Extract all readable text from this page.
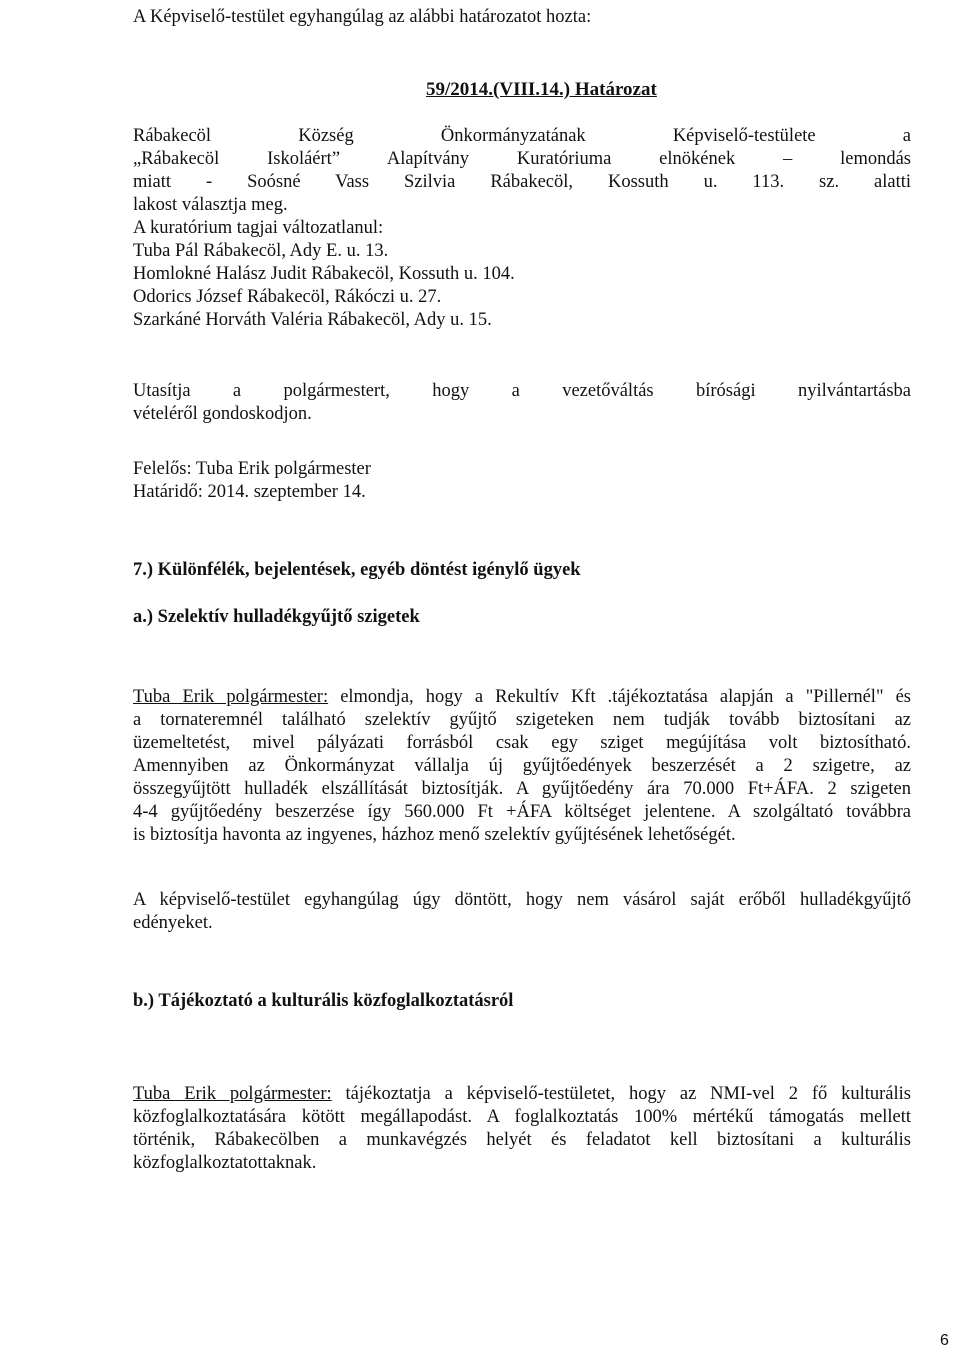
A Képviselő-testület egyhangúlag az alábbi határozatot hozta:
59/2014.(VIII.14.) Határozat
Rábakecöl Község Önkormányzatának Képviselő-testülete a
„Rábakecöl Iskoláért” Alapítvány Kuratóriuma elnökének – lemondás
miatt - Soósné Vass Szilvia Rábakecöl, Kossuth u. 113. sz. alatti
lakost választja meg.
A kuratórium tagjai változatlanul:
Tuba Pál Rábakecöl, Ady E. u. 13.
Homlokné Halász Judit Rábakecöl, Kossuth u. 104.
Odorics József Rábakecöl, Rákóczi u. 27.
Szarkáné Horváth Valéria Rábakecöl, Ady u. 15.
Utasítja a polgármestert, hogy a vezetőváltás bírósági nyilvántartásba
vételéről gondoskodjon.
Felelős: Tuba Erik polgármester
Határidő: 2014. szeptember 14.
7.) Különfélék, bejelentések, egyéb döntést igénylő ügyek
a.) Szelektív hulladékgyűjtő szigetek
Tuba Erik polgármester: elmondja, hogy a Rekultív Kft .tájékoztatása alapján a "Pillernél" és
a tornateremnél található szelektív gyűjtő szigeteken nem tudják tovább biztosítani az
üzemeltetést, mivel pályázati forrásból csak egy sziget megújítása volt biztosítható.
Amennyiben az Önkormányzat vállalja új gyűjtőedények beszerzését a 2 szigetre, az
összegyűjtött hulladék elszállítását biztosítják. A gyűjtőedény ára 70.000 Ft+ÁFA. 2 szigeten
4-4 gyűjtőedény beszerzése így 560.000 Ft +ÁFA költséget jelentene. A szolgáltató továbbra
is biztosítja havonta az ingyenes, házhoz menő szelektív gyűjtésének lehetőségét.
A képviselő-testület egyhangúlag úgy döntött, hogy nem vásárol saját erőből hulladékgyűjtő
edényeket.
b.) Tájékoztató a kulturális közfoglalkoztatásról
Tuba Erik polgármester: tájékoztatja a képviselő-testületet, hogy az NMI-vel 2 fő kulturális
közfoglalkoztatására kötött megállapodást. A foglalkoztatás 100% mértékű támogatás mellett
történik, Rábakecölben a munkavégzés helyét és feladatot kell biztosítani a kulturális
közfoglalkoztatottaknak.
6
